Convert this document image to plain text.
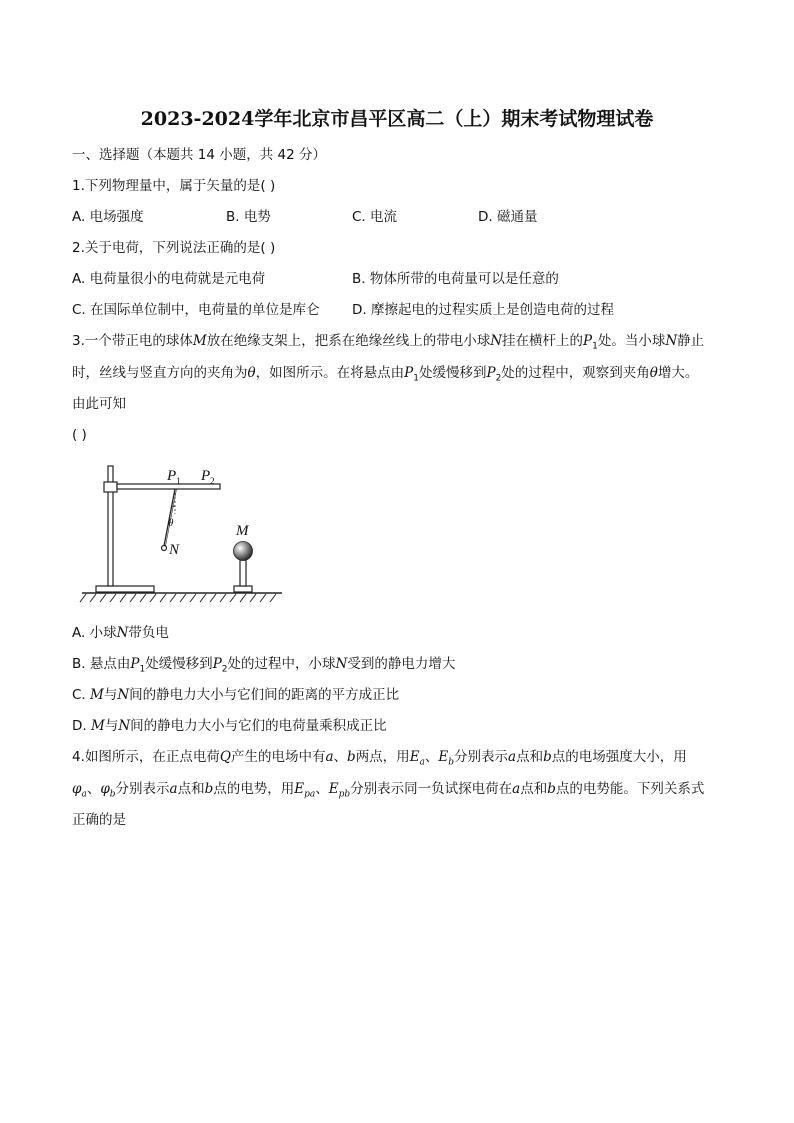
2023-2024学年北京市昌平区高二（上）期末考试物理试卷
一、选择题（本题共 14 小题，共 42 分）
1.下列物理量中，属于矢量的是( )
A. 电场强度	B. 电势	C. 电流	D. 磁通量
2.关于电荷，下列说法正确的是( )
A. 电荷量很小的电荷就是元电荷	B. 物体所带的电荷量可以是任意的
C. 在国际单位制中，电荷量的单位是库仑 D. 摩擦起电的过程实质上是创造电荷的过程
3.一个带正电的球体M放在绝缘支架上，把系在绝缘丝线上的带电小球N挂在横杆上的$P_1$处。当小球N静止
时，丝线与竖直方向的夹角为θ，如图所示。在将悬点由$P_1$处缓慢移到$P_2$处的过程中，观察到夹角θ增大。
由此可知
( )
$P_1$ $P_2$
θ
N
M
A. 小球N带负电
B. 悬点由$P_1$处缓慢移到$P_2$处的过程中，小球N受到的静电力增大
C. M与N间的静电力大小与它们间的距离的平方成正比
D. M与N间的静电力大小与它们的电荷量乘积成正比
4.如图所示，在正点电荷Q产生的电场中有a、b两点，用$E_a$、$E_b$分别表示a点和b点的电场强度大小，用
$\varphi_a$、$\varphi_b$分别表示a点和b点的电势，用$E_{pa}$、$E_{pb}$分别表示同一负试探电荷在a点和b点的电势能。下列关系式
正确的是
